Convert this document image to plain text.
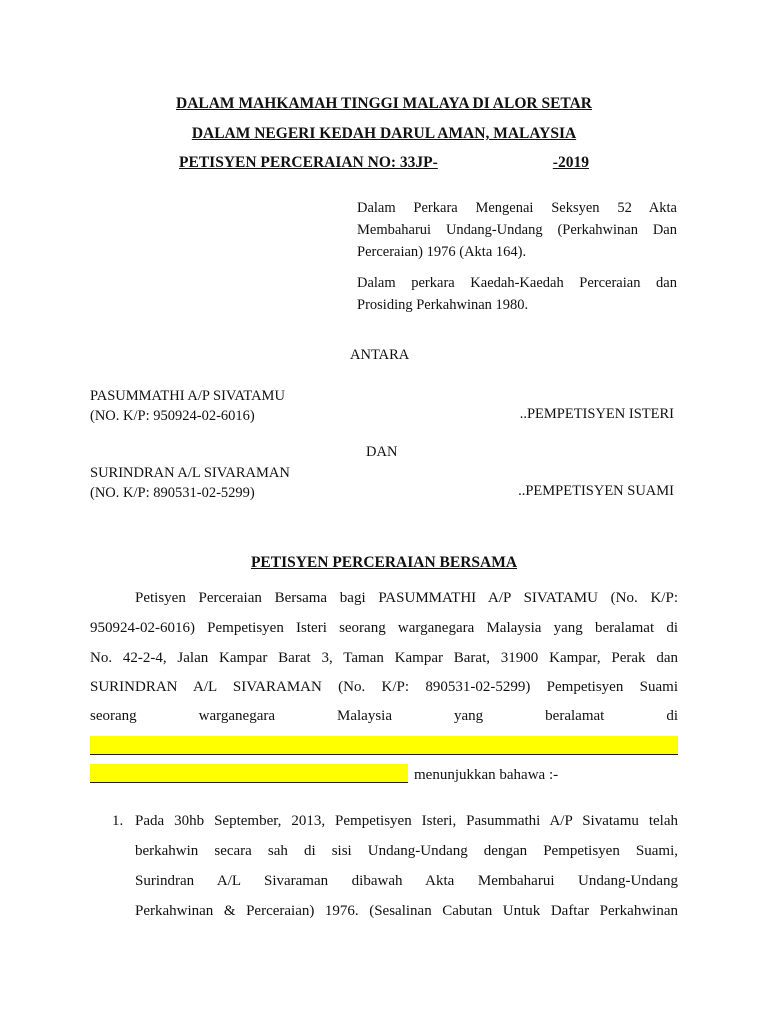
DALAM MAHKAMAH TINGGI MALAYA DI ALOR SETAR
DALAM NEGERI KEDAH DARUL AMAN, MALAYSIA
PETISYEN PERCERAIAN NO: 33JP-	-2019
Dalam Perkara Mengenai Seksyen 52 Akta Membaharui Undang-Undang (Perkahwinan Dan Perceraian) 1976 (Akta 164).
Dalam perkara Kaedah-Kaedah Perceraian dan Prosiding Perkahwinan 1980.
ANTARA
PASUMMATHI A/P SIVATAMU
(NO. K/P: 950924-02-6016)	..PEMPETISYEN ISTERI
DAN
SURINDRAN A/L SIVARAMAN
(NO. K/P: 890531-02-5299)	..PEMPETISYEN SUAMI
PETISYEN PERCERAIAN BERSAMA
Petisyen Perceraian Bersama bagi PASUMMATHI A/P SIVATAMU (No. K/P:
950924-02-6016) Pempetisyen Isteri seorang warganegara Malaysia yang beralamat di
No. 42-2-4, Jalan Kampar Barat 3, Taman Kampar Barat, 31900 Kampar, Perak dan
SURINDRAN A/L SIVARAMAN (No. K/P: 890531-02-5299) Pempetisyen Suami
seorang warganegara Malaysia yang beralamat di
menunjukkan bahawa :-
1. Pada 30hb September, 2013, Pempetisyen Isteri, Pasummathi A/P Sivatamu telah
berkahwin secara sah di sisi Undang-Undang dengan Pempetisyen Suami,
Surindran A/L Sivaraman dibawah Akta Membaharui Undang-Undang
Perkahwinan & Perceraian) 1976. (Sesalinan Cabutan Untuk Daftar Perkahwinan
